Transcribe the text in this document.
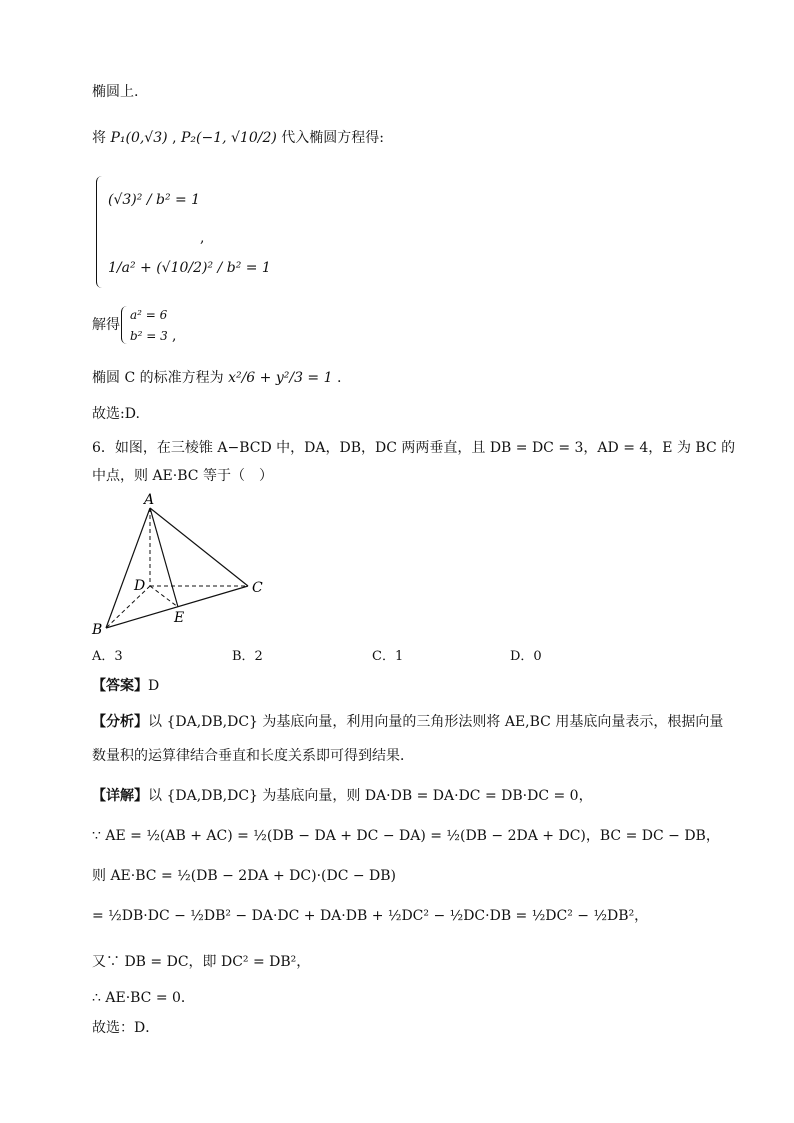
椭圆上.
将 P₁(0,√3) , P₂(−1, √10/2) 代入椭圆方程得:
(√3)² / b² = 1
1/a² + (√10/2)² / b² = 1
,
解得
a² = 6
b² = 3 ,
椭圆 C 的标准方程为 x²/6 + y²/3 = 1 .
故选:D.
6．如图，在三棱锥 A−BCD 中，DA，DB，DC 两两垂直，且 DB = DC = 3，AD = 4，E 为 BC 的
中点，则 AE·BC 等于（　）
A
B
C
D
E
A．3	B．2	C．1	D．0
【答案】D
【分析】以 {DA,DB,DC} 为基底向量，利用向量的三角形法则将 AE,BC 用基底向量表示，根据向量
数量积的运算律结合垂直和长度关系即可得到结果．
【详解】以 {DA,DB,DC} 为基底向量，则 DA·DB = DA·DC = DB·DC = 0，
∵ AE = ½(AB + AC) = ½(DB − DA + DC − DA) = ½(DB − 2DA + DC)，BC = DC − DB，
则 AE·BC = ½(DB − 2DA + DC)·(DC − DB)
= ½DB·DC − ½DB² − DA·DC + DA·DB + ½DC² − ½DC·DB = ½DC² − ½DB²，
又∵ DB = DC，即 DC² = DB²，
∴ AE·BC = 0．
故选：D．
